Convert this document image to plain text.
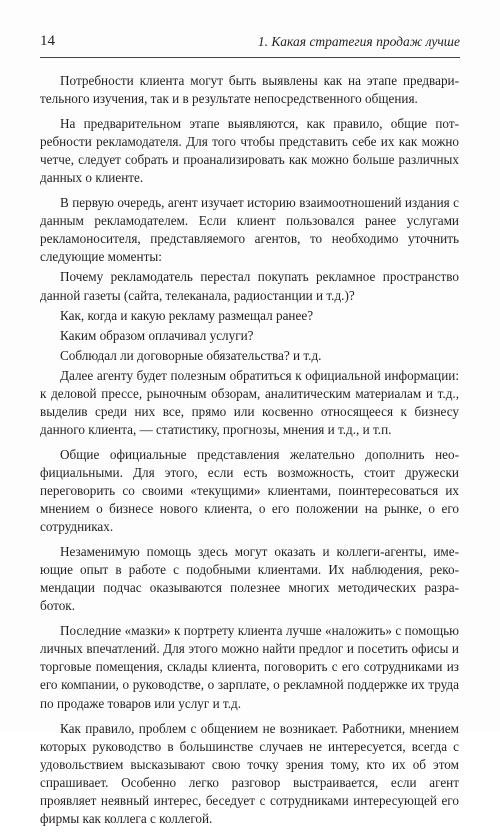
14	1. Какая стратегия продаж лучше

Потребности клиента могут быть выявлены как на этапе предварительного изучения, так и в результате непосредственного общения.

На предварительном этапе выявляются, как правило, общие потребности рекламодателя. Для того чтобы представить себе их как можно четче, следует собрать и проанализировать как можно больше различных данных о клиенте.

В первую очередь, агент изучает историю взаимоотношений издания с данным рекламодателем. Если клиент пользовался ранее услугами рекламоносителя, представляемого агентов, то необходимо уточнить следующие моменты:

Почему рекламодатель перестал покупать рекламное пространство данной газеты (сайта, телеканала, радиостанции и т.д.)?

Как, когда и какую рекламу размещал ранее?

Каким образом оплачивал услуги?

Соблюдал ли договорные обязательства? и т.д.

Далее агенту будет полезным обратиться к официальной информации: к деловой прессе, рыночным обзорам, аналитическим материалам и т.д., выделив среди них все, прямо или косвенно относящееся к бизнесу данного клиента, — статистику, прогнозы, мнения и т.д., и т.п.

Общие официальные представления желательно дополнить неофициальными. Для этого, если есть возможность, стоит дружески переговорить со своими «текущими» клиентами, поинтересоваться их мнением о бизнесе нового клиента, о его положении на рынке, о его сотрудниках.

Незаменимую помощь здесь могут оказать и коллеги-агенты, имеющие опыт в работе с подобными клиентами. Их наблюдения, рекомендации подчас оказываются полезнее многих методических разработок.

Последние «мазки» к портрету клиента лучше «наложить» с помощью личных впечатлений. Для этого можно найти предлог и посетить офисы и торговые помещения, склады клиента, поговорить с его сотрудниками из его компании, о руководстве, о зарплате, о рекламной поддержке их труда по продаже товаров или услуг и т.д.

Как правило, проблем с общением не возникает. Работники, мнением которых руководство в большинстве случаев не интересуется, всегда с удовольствием высказывают свою точку зрения тому, кто их об этом спрашивает. Особенно легко разговор выстраивается, если агент проявляет неявный интерес, беседует с сотрудниками интересующей его фирмы как коллега с коллегой.
